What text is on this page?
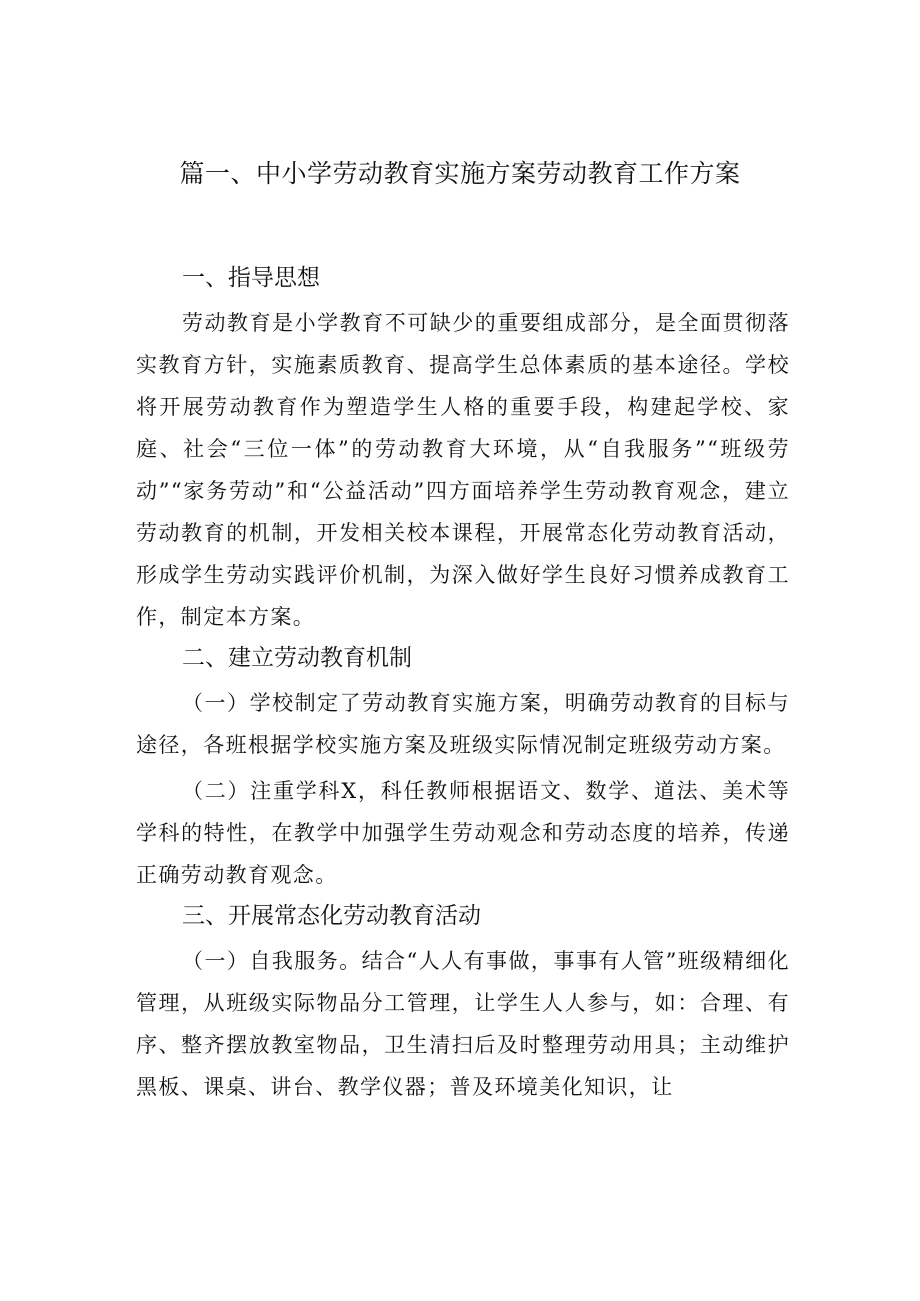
篇一、中小学劳动教育实施方案劳动教育工作方案
一、指导思想

劳动教育是小学教育不可缺少的重要组成部分，是全面贯彻落实教育方针，实施素质教育、提高学生总体素质的基本途径。学校将开展劳动教育作为塑造学生人格的重要手段，构建起学校、家庭、社会“三位一体”的劳动教育大环境，从“自我服务”“班级劳动”“家务劳动”和“公益活动”四方面培养学生劳动教育观念，建立劳动教育的机制，开发相关校本课程，开展常态化劳动教育活动，形成学生劳动实践评价机制，为深入做好学生良好习惯养成教育工作，制定本方案。

二、建立劳动教育机制

（一）学校制定了劳动教育实施方案，明确劳动教育的目标与途径，各班根据学校实施方案及班级实际情况制定班级劳动方案。

（二）注重学科X，科任教师根据语文、数学、道法、美术等学科的特性，在教学中加强学生劳动观念和劳动态度的培养，传递正确劳动教育观念。

三、开展常态化劳动教育活动

（一）自我服务。结合“人人有事做，事事有人管”班级精细化管理，从班级实际物品分工管理，让学生人人参与，如：合理、有序、整齐摆放教室物品，卫生清扫后及时整理劳动用具；主动维护黑板、课桌、讲台、教学仪器；普及环境美化知识，让
